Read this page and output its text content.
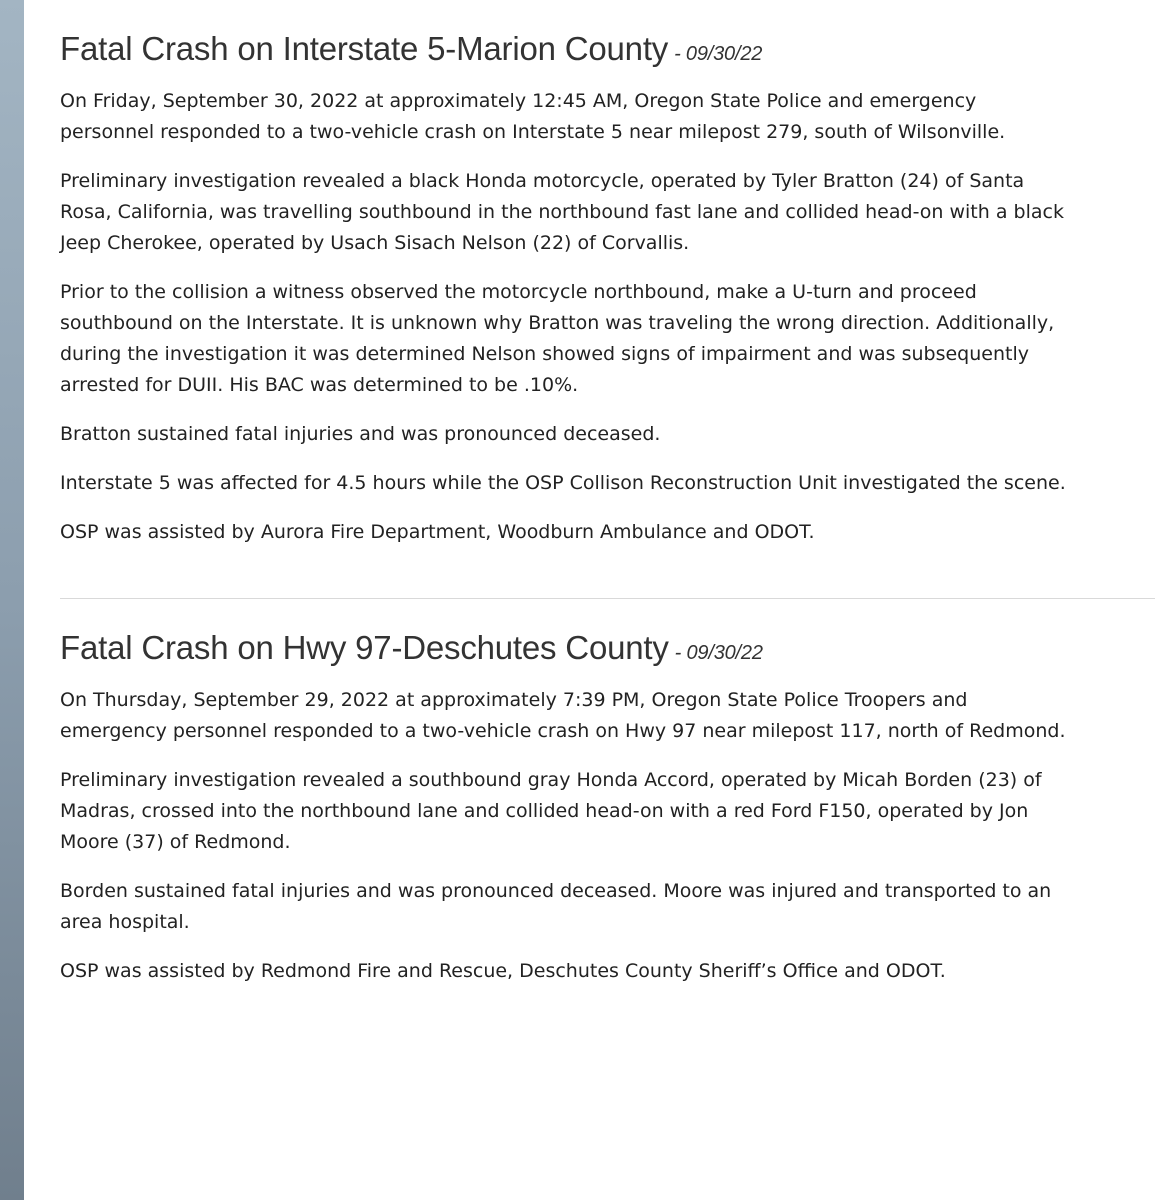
Fatal Crash on Interstate 5-Marion County - 09/30/22

On Friday, September 30, 2022 at approximately 12:45 AM, Oregon State Police and emergency personnel responded to a two-vehicle crash on Interstate 5 near milepost 279, south of Wilsonville.

Preliminary investigation revealed a black Honda motorcycle, operated by Tyler Bratton (24) of Santa Rosa, California, was travelling southbound in the northbound fast lane and collided head-on with a black Jeep Cherokee, operated by Usach Sisach Nelson (22) of Corvallis.

Prior to the collision a witness observed the motorcycle northbound, make a U-turn and proceed southbound on the Interstate. It is unknown why Bratton was traveling the wrong direction. Additionally, during the investigation it was determined Nelson showed signs of impairment and was subsequently arrested for DUII. His BAC was determined to be .10%.

Bratton sustained fatal injuries and was pronounced deceased.

Interstate 5 was affected for 4.5 hours while the OSP Collison Reconstruction Unit investigated the scene.

OSP was assisted by Aurora Fire Department, Woodburn Ambulance and ODOT.

Fatal Crash on Hwy 97-Deschutes County - 09/30/22

On Thursday, September 29, 2022 at approximately 7:39 PM, Oregon State Police Troopers and emergency personnel responded to a two-vehicle crash on Hwy 97 near milepost 117, north of Redmond.

Preliminary investigation revealed a southbound gray Honda Accord, operated by Micah Borden (23) of Madras, crossed into the northbound lane and collided head-on with a red Ford F150, operated by Jon Moore (37) of Redmond.

Borden sustained fatal injuries and was pronounced deceased. Moore was injured and transported to an area hospital.

OSP was assisted by Redmond Fire and Rescue, Deschutes County Sheriff’s Office and ODOT.
